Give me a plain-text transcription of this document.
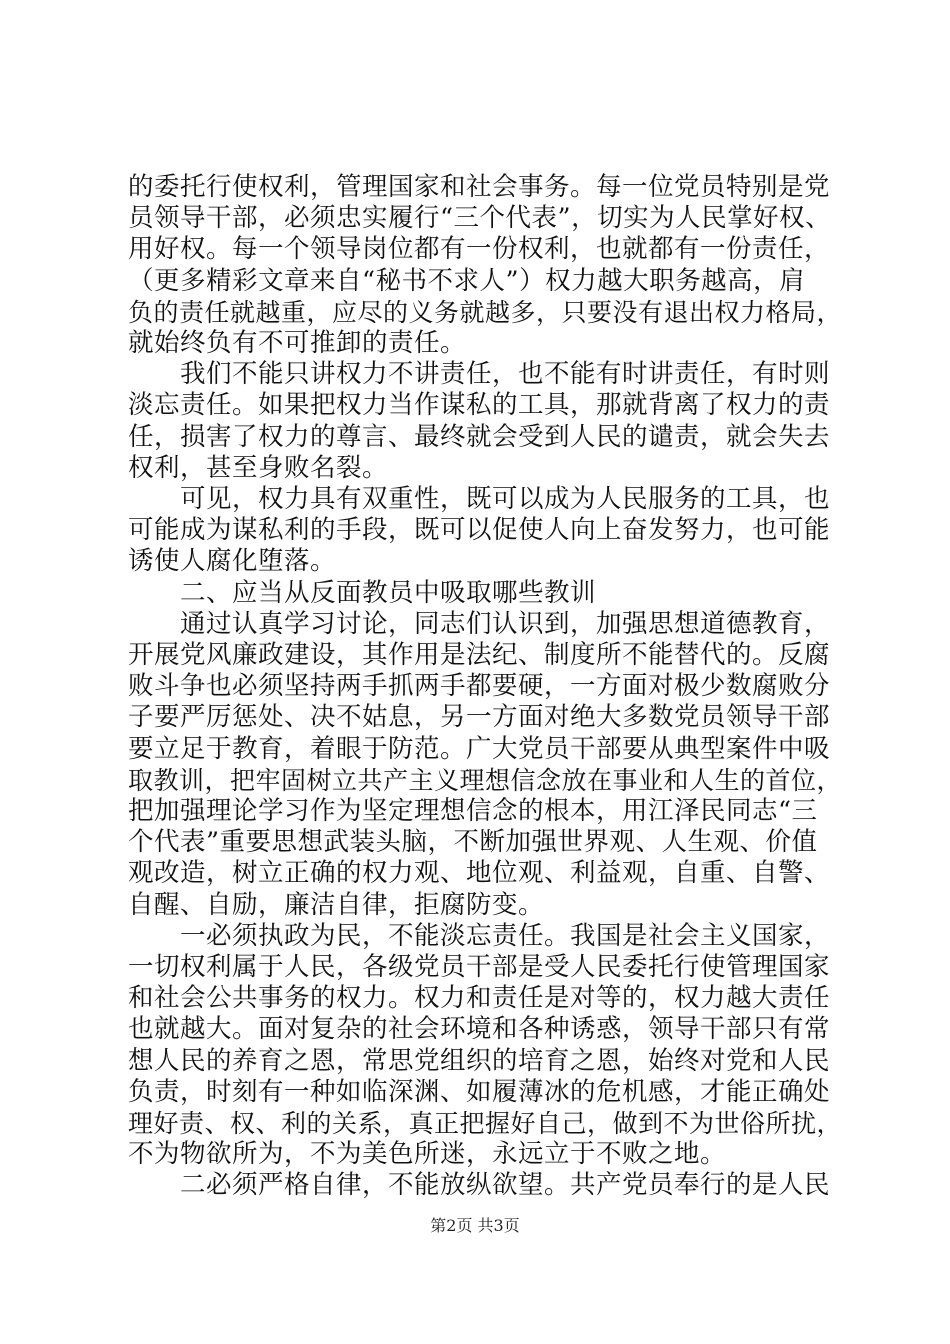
的委托行使权利，管理国家和社会事务。每一位党员特别是党
员领导干部，必须忠实履行“三个代表”，切实为人民掌好权、
用好权。每一个领导岗位都有一份权利，也就都有一份责任，
（更多精彩文章来自“秘书不求人”）权力越大职务越高，肩
负的责任就越重，应尽的义务就越多，只要没有退出权力格局，
就始终负有不可推卸的责任。
　　我们不能只讲权力不讲责任，也不能有时讲责任，有时则
淡忘责任。如果把权力当作谋私的工具，那就背离了权力的责
任，损害了权力的尊言、最终就会受到人民的谴责，就会失去
权利，甚至身败名裂。
　　可见，权力具有双重性，既可以成为人民服务的工具，也
可能成为谋私利的手段，既可以促使人向上奋发努力，也可能
诱使人腐化堕落。
　　二、应当从反面教员中吸取哪些教训
　　通过认真学习讨论，同志们认识到，加强思想道德教育，
开展党风廉政建设，其作用是法纪、制度所不能替代的。反腐
败斗争也必须坚持两手抓两手都要硬，一方面对极少数腐败分
子要严厉惩处、决不姑息，另一方面对绝大多数党员领导干部
要立足于教育，着眼于防范。广大党员干部要从典型案件中吸
取教训，把牢固树立共产主义理想信念放在事业和人生的首位，
把加强理论学习作为坚定理想信念的根本，用江泽民同志“三
个代表”重要思想武装头脑，不断加强世界观、人生观、价值
观改造，树立正确的权力观、地位观、利益观，自重、自警、
自醒、自励，廉洁自律，拒腐防变。
　　一必须执政为民，不能淡忘责任。我国是社会主义国家，
一切权利属于人民，各级党员干部是受人民委托行使管理国家
和社会公共事务的权力。权力和责任是对等的，权力越大责任
也就越大。面对复杂的社会环境和各种诱惑，领导干部只有常
想人民的养育之恩，常思党组织的培育之恩，始终对党和人民
负责，时刻有一种如临深渊、如履薄冰的危机感，才能正确处
理好责、权、利的关系，真正把握好自己，做到不为世俗所扰，
不为物欲所为，不为美色所迷，永远立于不败之地。
　　二必须严格自律，不能放纵欲望。共产党员奉行的是人民
第2页 共3页
